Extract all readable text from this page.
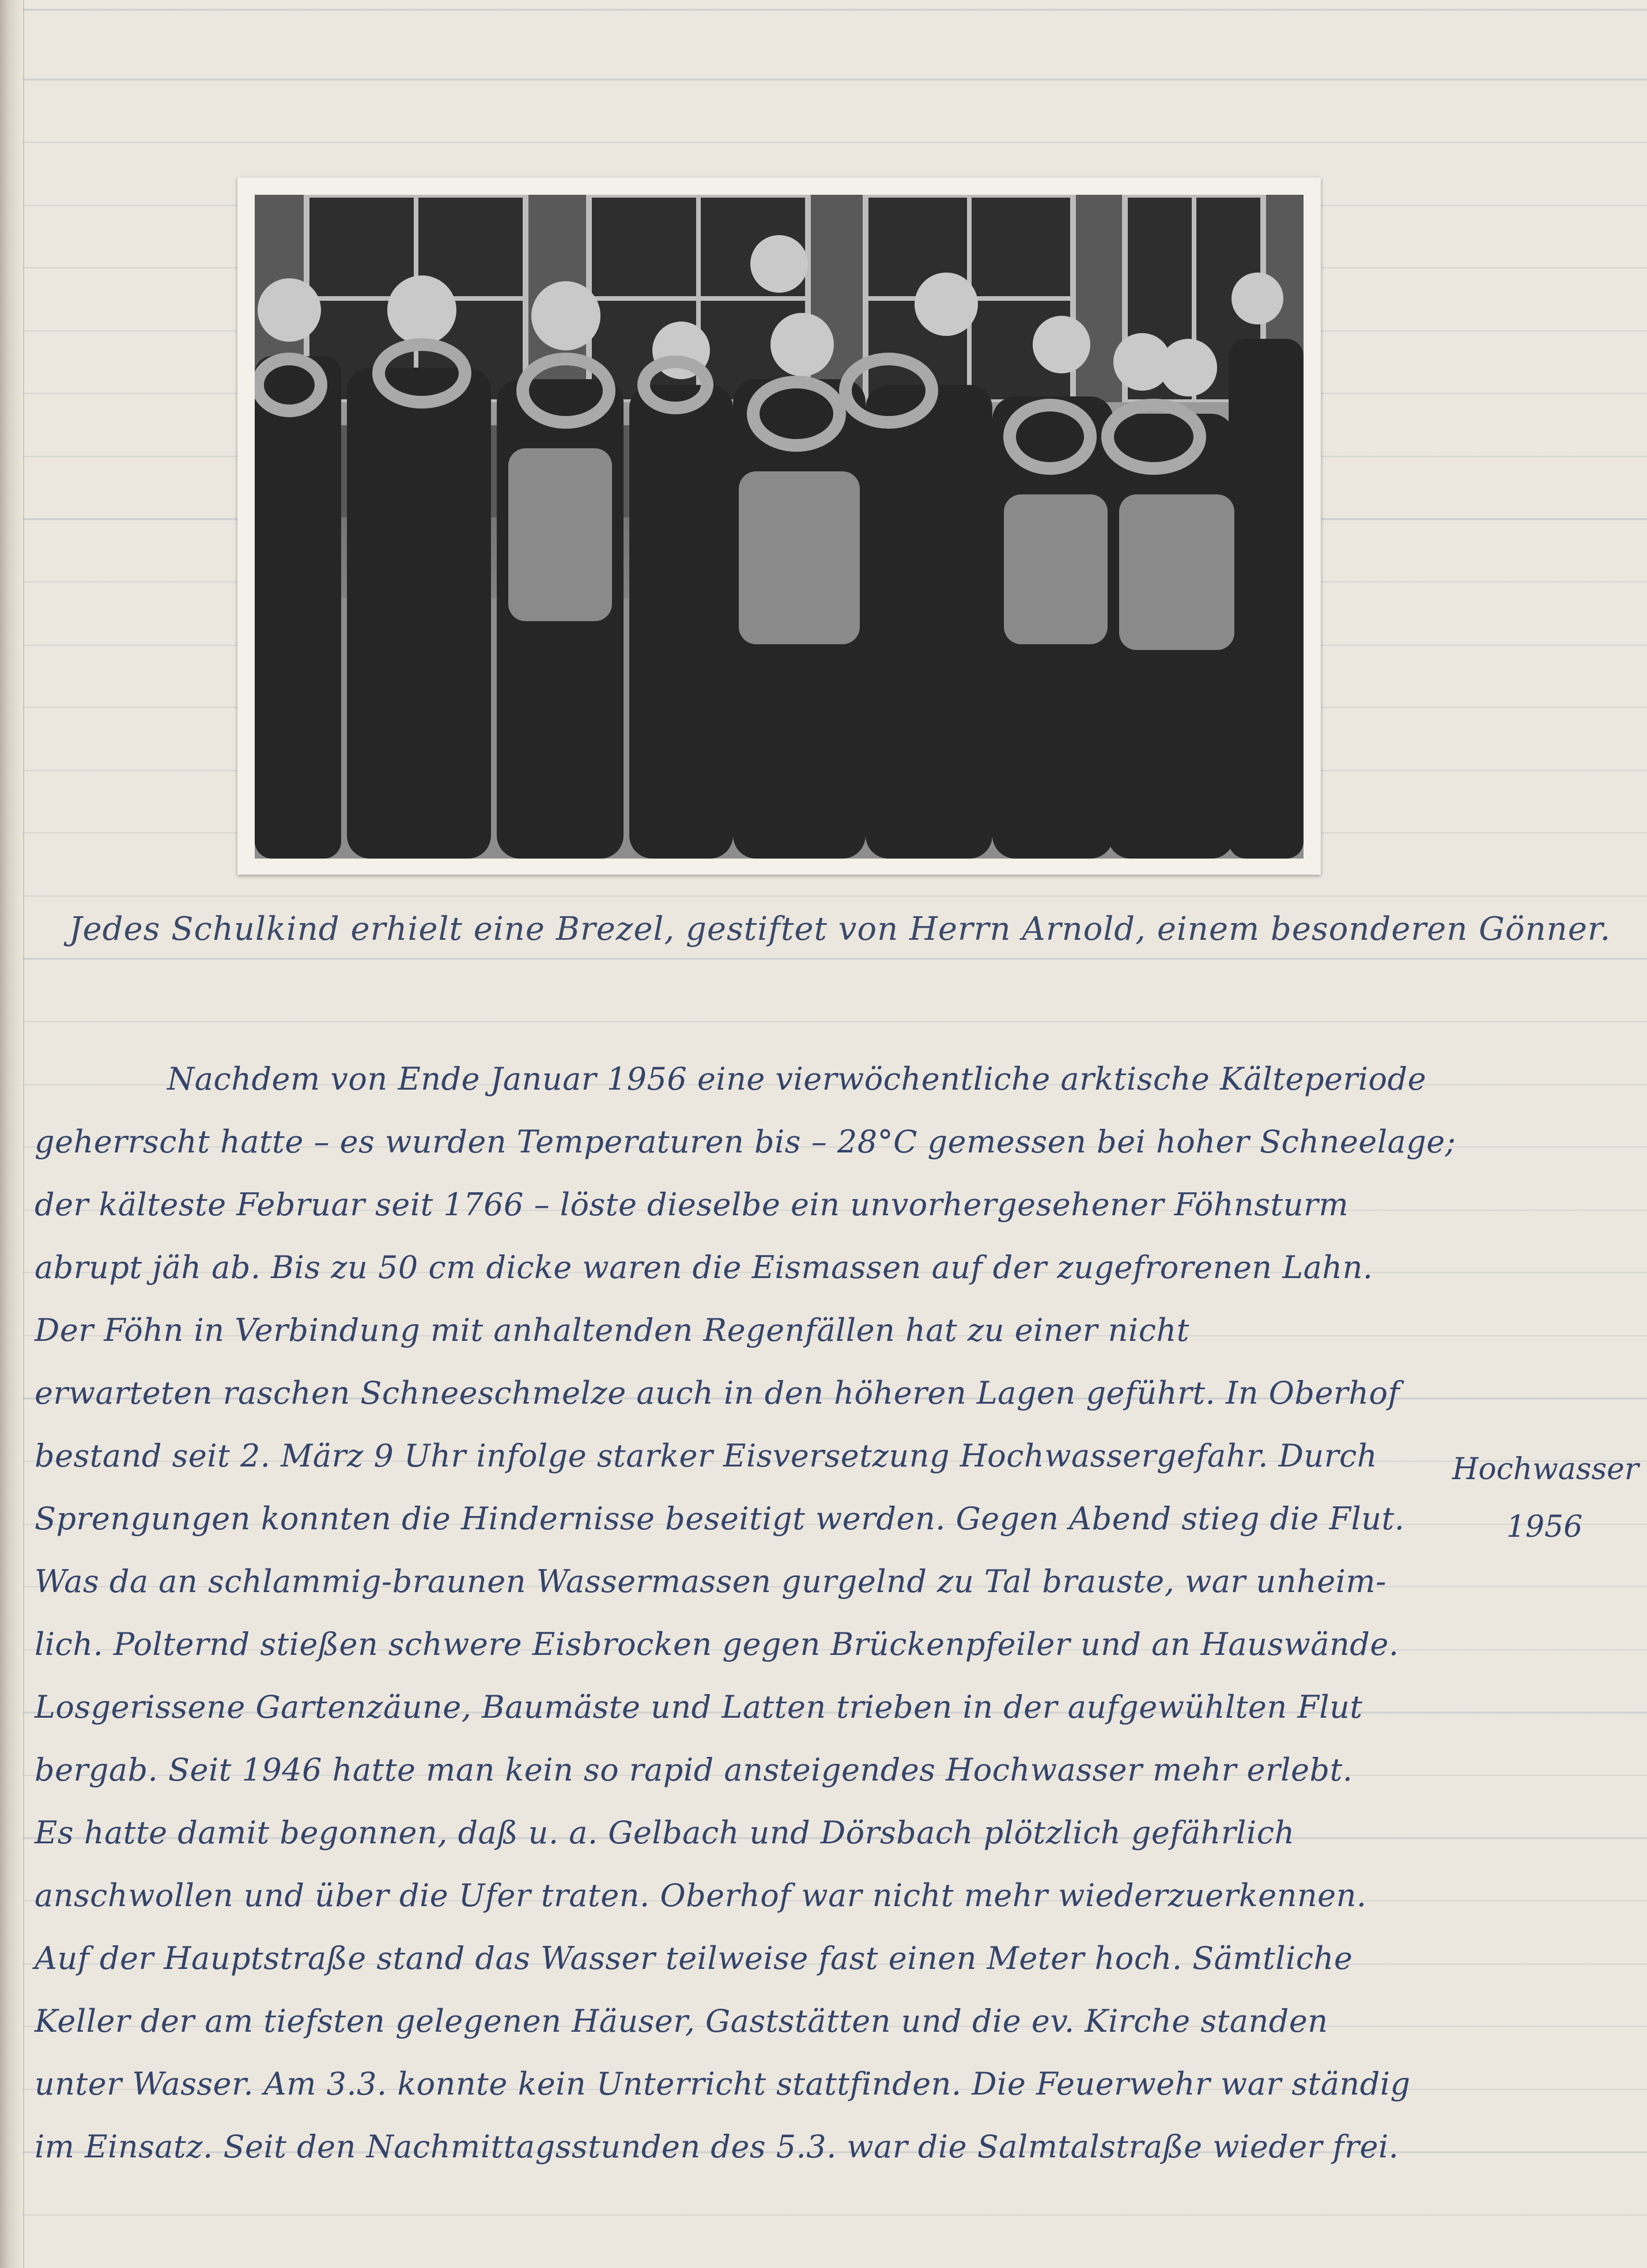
Jedes Schulkind erhielt eine Brezel, gestiftet von Herrn Arnold, einem besonderen Gönner.
Nachdem von Ende Januar 1956 eine vierwöchentliche arktische Kälteperiode
geherrscht hatte – es wurden Temperaturen bis – 28°C gemessen bei hoher Schneelage;
der kälteste Februar seit 1766 – löste dieselbe ein unvorhergesehener Föhnsturm
abrupt jäh ab. Bis zu 50 cm dicke waren die Eismassen auf der zugefrorenen Lahn.
Der Föhn in Verbindung mit anhaltenden Regenfällen hat zu einer nicht
erwarteten raschen Schneeschmelze auch in den höheren Lagen geführt. In Oberhof
bestand seit 2. März 9 Uhr infolge starker Eisversetzung Hochwassergefahr. Durch
Sprengungen konnten die Hindernisse beseitigt werden. Gegen Abend stieg die Flut.
Was da an schlammig-braunen Wassermassen gurgelnd zu Tal brauste, war unheim-
lich. Polternd stießen schwere Eisbrocken gegen Brückenpfeiler und an Hauswände.
Losgerissene Gartenzäune, Baumäste und Latten trieben in der aufgewühlten Flut
bergab. Seit 1946 hatte man kein so rapid ansteigendes Hochwasser mehr erlebt.
Es hatte damit begonnen, daß u. a. Gelbach und Dörsbach plötzlich gefährlich
anschwollen und über die Ufer traten. Oberhof war nicht mehr wiederzuerkennen.
Auf der Hauptstraße stand das Wasser teilweise fast einen Meter hoch. Sämtliche
Keller der am tiefsten gelegenen Häuser, Gaststätten und die ev. Kirche standen
unter Wasser. Am 3.3. konnte kein Unterricht stattfinden. Die Feuerwehr war ständig
im Einsatz. Seit den Nachmittagsstunden des 5.3. war die Salmtalstraße wieder frei.
Hochwasser
1956
